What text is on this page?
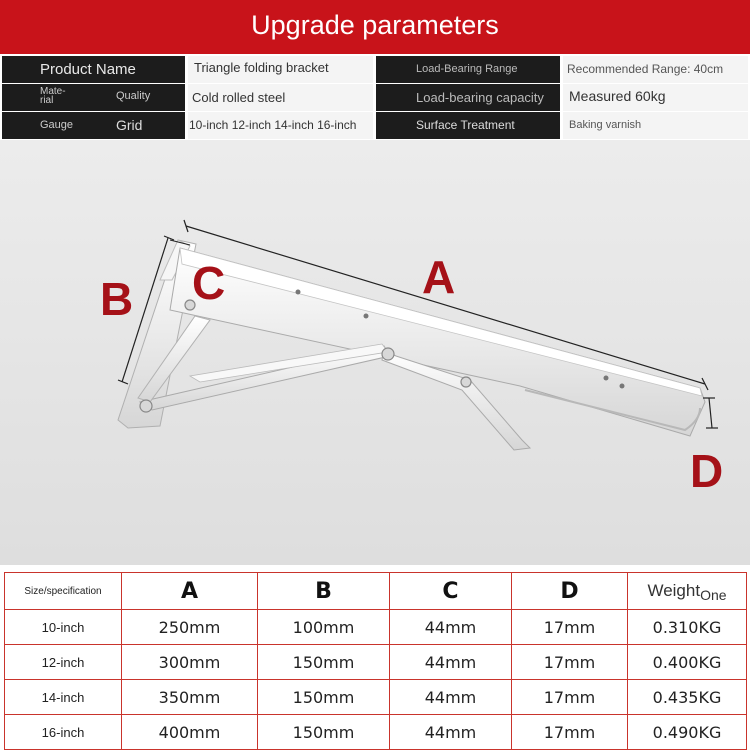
Upgrade parameters
Product Name	Triangle folding bracket	Load-Bearing Range	Recommended Range: 40cm
Mate-
rial	Quality	Cold rolled steel	Load-bearing capacity	Measured 60kg
Gauge	Grid	10-inch 12-inch 14-inch 16-inch	Surface Treatment	Baking varnish
B C	A
D
Size/specification	A	B	C	D	Weight$_{One}$
10-inch	250mm	100mm	44mm	17mm	0.310KG
12-inch	300mm	150mm	44mm	17mm	0.400KG
14-inch	350mm	150mm	44mm	17mm	0.435KG
16-inch	400mm	150mm	44mm	17mm	0.490KG
